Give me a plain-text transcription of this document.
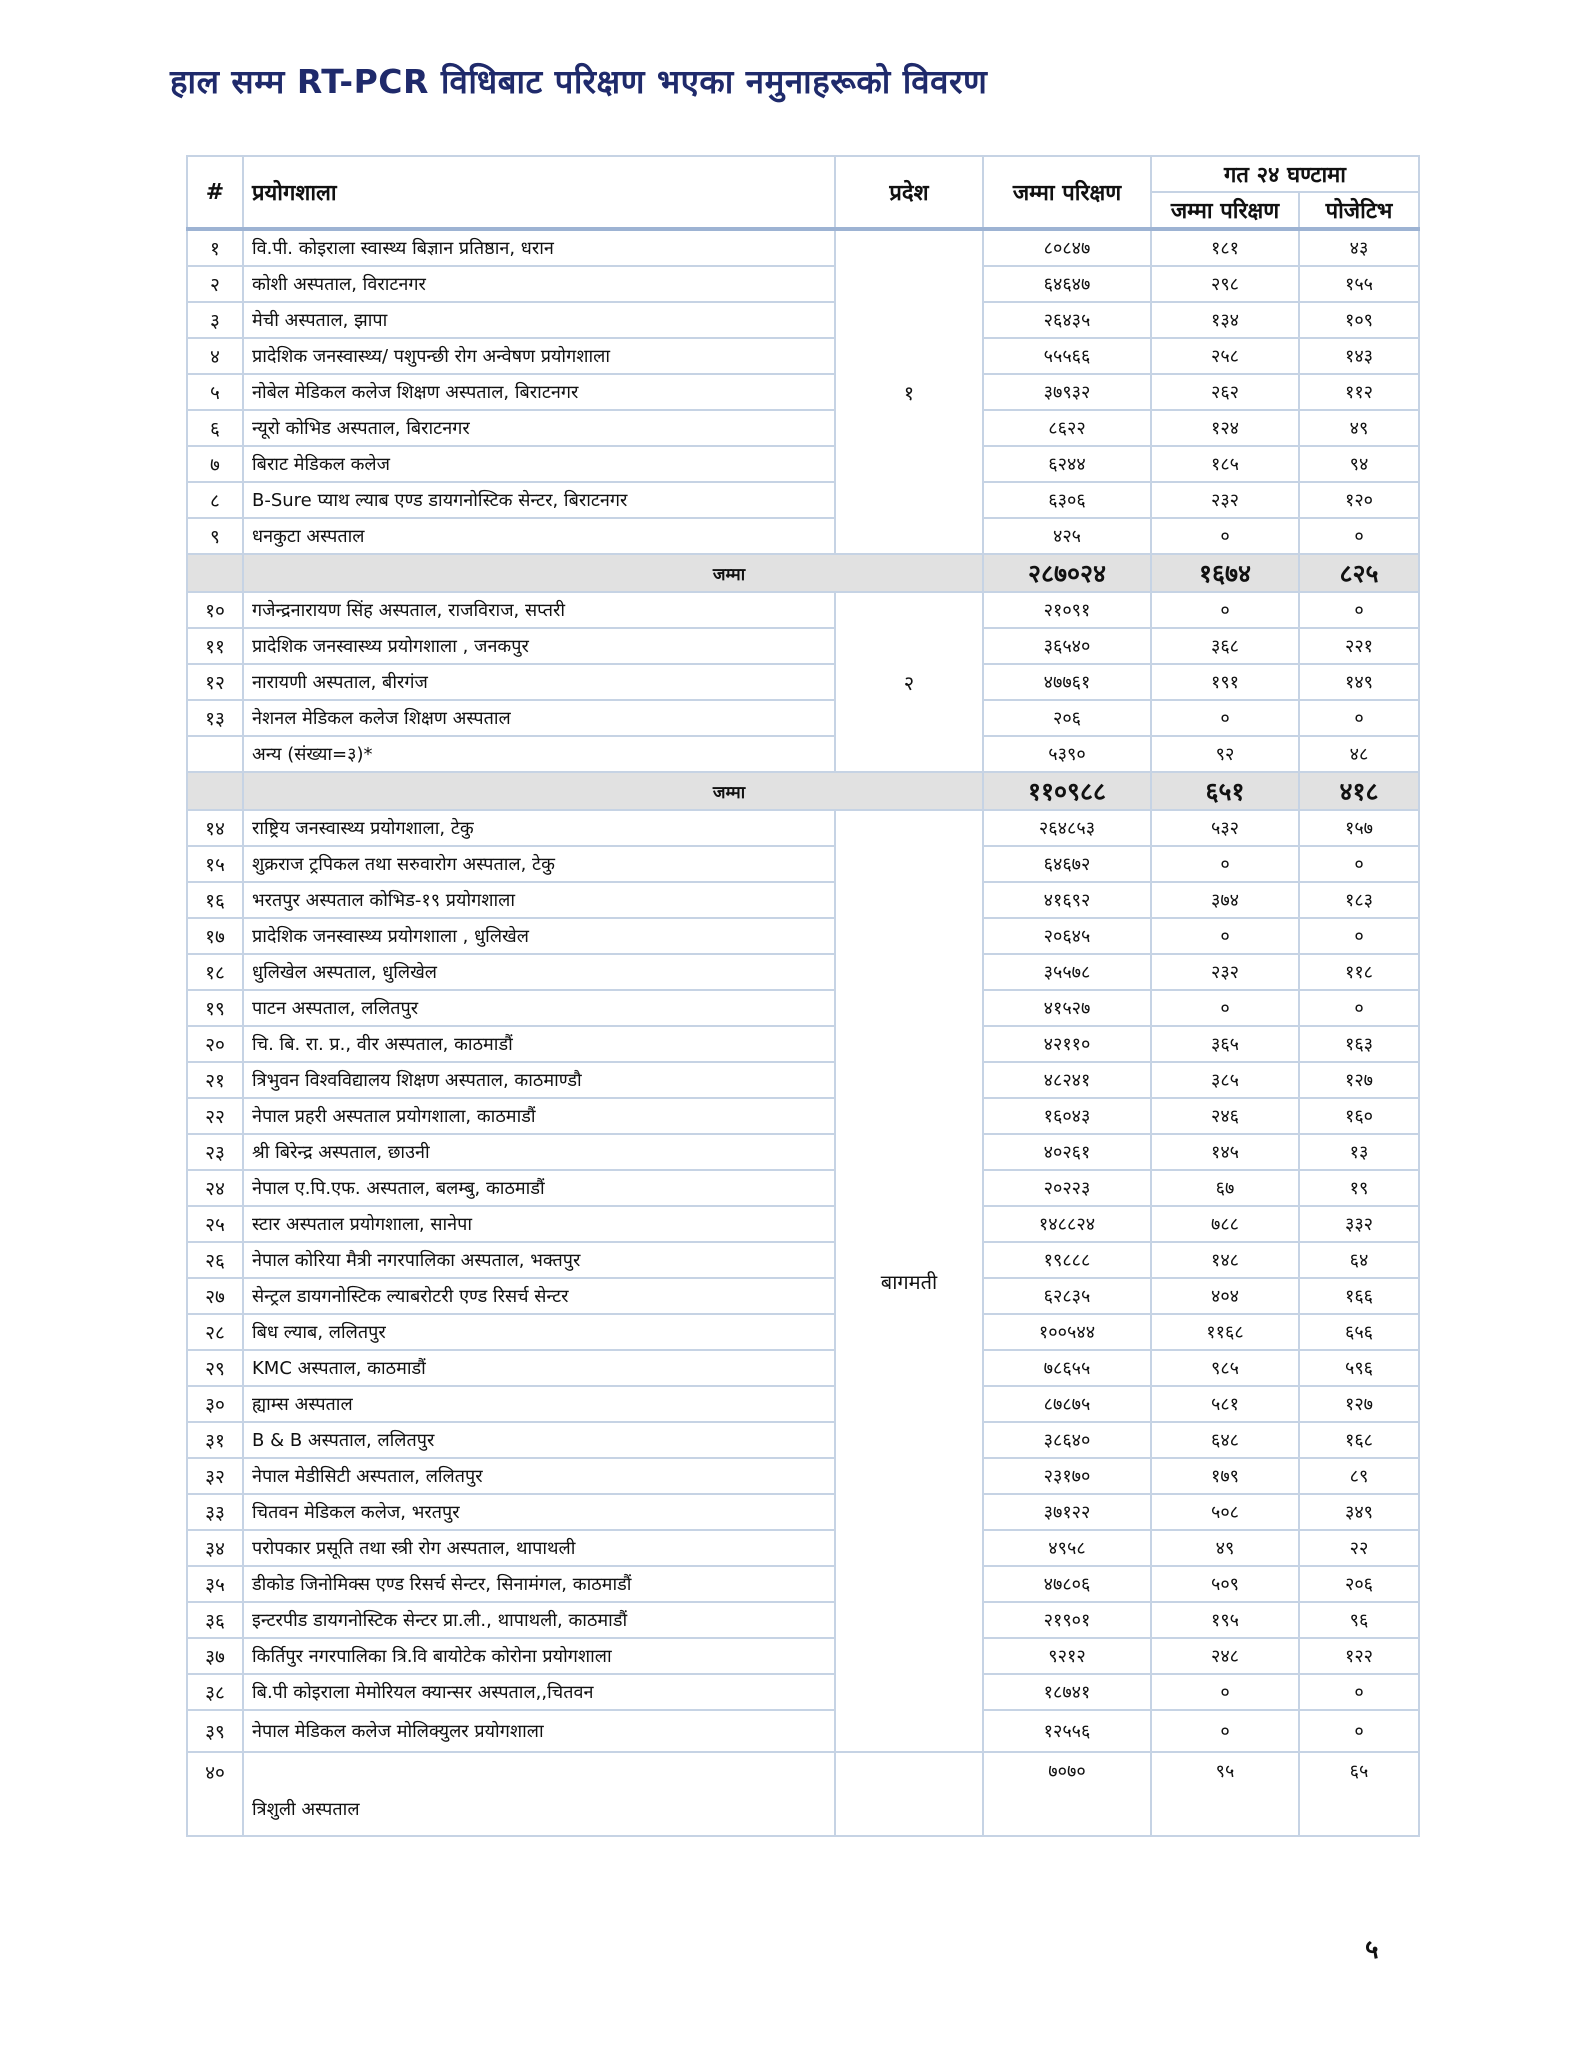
हाल सम्म RT-PCR विधिबाट परिक्षण भएका नमुनाहरूको विवरण
#	प्रयोगशाला	प्रदेश	जम्मा परिक्षण	गत २४ घण्टामा	
				जम्मा परिक्षण	पोजेटिभ
१	वि.पी. कोइराला स्वास्थ्य बिज्ञान प्रतिष्ठान, धरान	१	८०८४७	१८१	४३
२	कोशी अस्पताल, विराटनगर		६४६४७	२९८	१५५
३	मेची अस्पताल, झापा		२६४३५	१३४	१०९
४	प्रादेशिक जनस्वास्थ्य/ पशुपन्छी रोग अन्वेषण प्रयोगशाला		५५५६६	२५८	१४३
५	नोबेल मेडिकल कलेज शिक्षण अस्पताल, बिराटनगर		३७९३२	२६२	११२
६	न्यूरो कोभिड अस्पताल, बिराटनगर		८६२२	१२४	४९
७	बिराट मेडिकल कलेज		६२४४	१८५	९४
८	B-Sure प्याथ ल्याब एण्ड डायगनोस्टिक सेन्टर, बिराटनगर		६३०६	२३२	१२०
९	धनकुटा अस्पताल		४२५	०	०
	जम्मा		२८७०२४	१६७४	८२५
१०	गजेन्द्रनारायण सिंह अस्पताल, राजविराज, सप्तरी	२	२१०९१	०	०
११	प्रादेशिक जनस्वास्थ्य प्रयोगशाला , जनकपुर		३६५४०	३६८	२२१
१२	नारायणी अस्पताल, बीरगंज		४७७६१	१९१	१४९
१३	नेशनल मेडिकल कलेज शिक्षण अस्पताल		२०६	०	०
	अन्य (संख्या=३)*		५३९०	९२	४८
	जम्मा		११०९८८	६५१	४१८
१४	राष्ट्रिय जनस्वास्थ्य प्रयोगशाला, टेकु	बागमती	२६४८५३	५३२	१५७
१५	शुक्रराज ट्रपिकल तथा सरुवारोग अस्पताल, टेकु		६४६७२	०	०
१६	भरतपुर अस्पताल कोभिड-१९ प्रयोगशाला		४१६९२	३७४	१८३
१७	प्रादेशिक जनस्वास्थ्य प्रयोगशाला , धुलिखेल		२०६४५	०	०
१८	धुलिखेल अस्पताल, धुलिखेल		३५५७८	२३२	११८
१९	पाटन अस्पताल, ललितपुर		४१५२७	०	०
२०	चि. बि. रा. प्र., वीर अस्पताल, काठमाडौं		४२११०	३६५	१६३
२१	त्रिभुवन विश्वविद्यालय शिक्षण अस्पताल, काठमाण्डौ		४८२४१	३८५	१२७
२२	नेपाल प्रहरी अस्पताल प्रयोगशाला, काठमाडौं		१६०४३	२४६	१६०
२३	श्री बिरेन्द्र अस्पताल, छाउनी		४०२६१	१४५	१३
२४	नेपाल ए.पि.एफ. अस्पताल, बलम्बु, काठमाडौं		२०२२३	६७	१९
२५	स्टार अस्पताल प्रयोगशाला, सानेपा		१४८८२४	७८८	३३२
२६	नेपाल कोरिया मैत्री नगरपालिका अस्पताल, भक्तपुर		१९८८८	१४८	६४
२७	सेन्ट्रल डायगनोस्टिक ल्याबरोटरी एण्ड रिसर्च सेन्टर		६२८३५	४०४	१६६
२८	बिध ल्याब, ललितपुर		१००५४४	११६८	६५६
२९	KMC अस्पताल, काठमाडौं		७८६५५	९८५	५९६
३०	ह्याम्स अस्पताल		८७८७५	५८१	१२७
३१	B & B अस्पताल, ललितपुर		३८६४०	६४८	१६८
३२	नेपाल मेडीसिटी अस्पताल, ललितपुर		२३१७०	१७९	८९
३३	चितवन मेडिकल कलेज, भरतपुर		३७१२२	५०८	३४९
३४	परोपकार प्रसूति तथा स्त्री रोग अस्पताल, थापाथली		४९५८	४९	२२
३५	डीकोड जिनोमिक्स एण्ड रिसर्च सेन्टर, सिनामंगल, काठमाडौं		४७८०६	५०९	२०६
३६	इन्टरपीड डायगनोस्टिक सेन्टर प्रा.ली., थापाथली, काठमाडौं		२१९०१	१९५	९६
३७	किर्तिपुर नगरपालिका त्रि.वि बायोटेक कोरोना प्रयोगशाला		९२१२	२४८	१२२
३८	बि.पी कोइराला मेमोरियल क्यान्सर अस्पताल,,चितवन		१८७४१	०	०
३९	नेपाल मेडिकल कलेज मोलिक्युलर प्रयोगशाला		१२५५६	०	०
४०	त्रिशुली अस्पताल		७०७०	९५	६५
५
